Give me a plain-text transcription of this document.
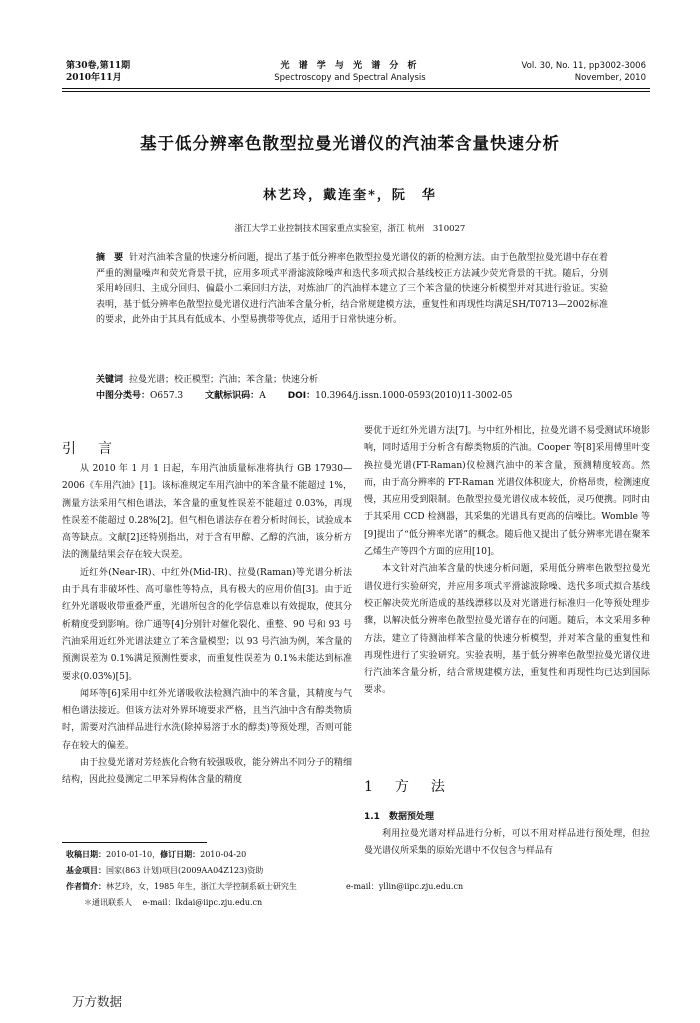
第30卷,第11期
2010年11月
光 谱 学 与 光 谱 分 析
Spectroscopy and Spectral Analysis
Vol. 30, No. 11, pp3002-3006
November, 2010
基于低分辨率色散型拉曼光谱仪的汽油苯含量快速分析
林艺玲，戴连奎*，阮　华
浙江大学工业控制技术国家重点实验室，浙江 杭州　310027
摘　要 针对汽油苯含量的快速分析问题，提出了基于低分辨率色散型拉曼光谱仪的新的检测方法。由于色散型拉曼光谱中存在着严重的测量噪声和荧光背景干扰，应用多项式平滑滤波除噪声和迭代多项式拟合基线校正方法减少荧光背景的干扰。随后，分别采用岭回归、主成分回归、偏最小二乘回归方法，对炼油厂的汽油样本建立了三个苯含量的快速分析模型并对其进行验证。实验表明，基于低分辨率色散型拉曼光谱仪进行汽油苯含量分析，结合常规建模方法，重复性和再现性均满足SH/T0713—2002标准的要求，此外由于其具有低成本、小型易携带等优点，适用于日常快速分析。
关键词 拉曼光谱；校正模型；汽油；苯含量；快速分析
中图分类号：O657.3 文献标识码：A DOI：10.3964/j.issn.1000-0593(2010)11-3002-05
引　言

从 2010 年 1 月 1 日起，车用汽油质量标准将执行 GB 17930—2006《车用汽油》[1]。该标准规定车用汽油中的苯含量不能超过 1%，测量方法采用气相色谱法，苯含量的重复性误差不能超过 0.03%，再现性误差不能超过 0.28%[2]。但气相色谱法存在着分析时间长，试验成本高等缺点。文献[2]还特别指出，对于含有甲醇、乙醇的汽油，该分析方法的测量结果会存在较大误差。

近红外(Near-IR)、中红外(Mid-IR)、拉曼(Raman)等光谱分析法由于具有非破坏性、高可靠性等特点，具有极大的应用价值[3]。由于近红外光谱吸收带重叠严重，光谱所包含的化学信息难以有效提取，使其分析精度受到影响。徐广通等[4]分别针对催化裂化、重整、90 号和 93 号汽油采用近红外光谱法建立了苯含量模型；以 93 号汽油为例，苯含量的预测误差为 0.1%满足预测性要求，而重复性误差为 0.1%未能达到标准要求(0.03%)[5]。

闻环等[6]采用中红外光谱吸收法检测汽油中的苯含量，其精度与气相色谱法接近。但该方法对外界环境要求严格，且当汽油中含有醇类物质时，需要对汽油样品进行水洗(除掉易溶于水的醇类)等预处理，否则可能存在较大的偏差。

由于拉曼光谱对芳烃族化合物有较强吸收，能分辨出不同分子的精细结构，因此拉曼测定二甲苯异构体含量的精度

要优于近红外光谱方法[7]。与中红外相比，拉曼光谱不易受测试环境影响，同时适用于分析含有醇类物质的汽油。Cooper 等[8]采用傅里叶变换拉曼光谱(FT-Raman)仪检测汽油中的苯含量，预测精度较高。然而，由于高分辨率的 FT-Raman 光谱仪体积庞大，价格昂贵，检测速度慢，其应用受到限制。色散型拉曼光谱仪成本较低，灵巧便携。同时由于其采用 CCD 检测器，其采集的光谱具有更高的信噪比。Womble 等[9]提出了“低分辨率光谱”的概念。随后他又提出了低分辨率光谱在聚苯乙烯生产等四个方面的应用[10]。

本文针对汽油苯含量的快速分析问题，采用低分辨率色散型拉曼光谱仪进行实验研究，并应用多项式平滑滤波除噪、迭代多项式拟合基线校正解决荧光所造成的基线漂移以及对光谱进行标准归一化等预处理步骤，以解决低分辨率色散型拉曼光谱存在的问题。随后，本文采用多种方法，建立了待测油样苯含量的快速分析模型，并对苯含量的重复性和再现性进行了实验研究。实验表明，基于低分辨率色散型拉曼光谱仪进行汽油苯含量分析，结合常规建模方法，重复性和再现性均已达到国际要求。

1　方　法
1.1　数据预处理

利用拉曼光谱对样品进行分析，可以不用对样品进行预处理，但拉曼光谱仪所采集的原始光谱中不仅包含与样品有

收稿日期：2010-01-10，修订日期：2010-04-20
基金项目：国家(863 计划)项目(2009AA04Z123)资助
作者简介：林艺玲，女，1985 年生，浙江大学控制系硕士研究生	e-mail：yllin@iipc.zju.edu.cn
＊通讯联系人　 e-mail：lkdai@iipc.zju.edu.cn
万方数据
